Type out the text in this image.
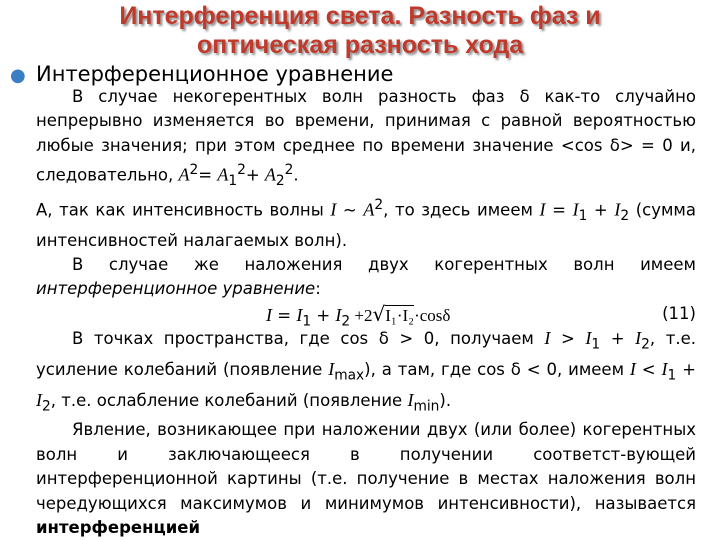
Интерференция света. Разность фаз и
оптическая разность хода
● Интерференционное уравнение

В случае некогерентных волн разность фаз δ как-то случайно непрерывно изменяется во времени, принимая с равной вероятностью любые значения; при этом среднее по времени значение <cos δ> = 0 и, следовательно, $A^2= A_1^2+ A_2^2$.

А, так как интенсивность волны I ~ $A^2$, то здесь имеем $I = I_1 + I_2$ (сумма интенсивностей налагаемых волн).

В случае же наложения двух когерентных волн имеем интерференционное уравнение:

$I = I_1 + I_2 +2√I_1\cdot I_2\cdot\cos\delta$	(11)

В точках пространства, где cos δ > 0, получаем $I > I_1 + I_2$, т.е. усиление колебаний (появление $I_{max}$), а там, где cos δ < 0, имеем $I < I_1 + I_2$, т.е. ослабление колебаний (появление $I_{min}$).

Явление, возникающее при наложении двух (или более) когерентных волн и заключающееся в получении соответст-вующей интерференционной картины (т.е. получение в местах наложения волн чередующихся максимумов и минимумов интенсивности), называется интерференцией
